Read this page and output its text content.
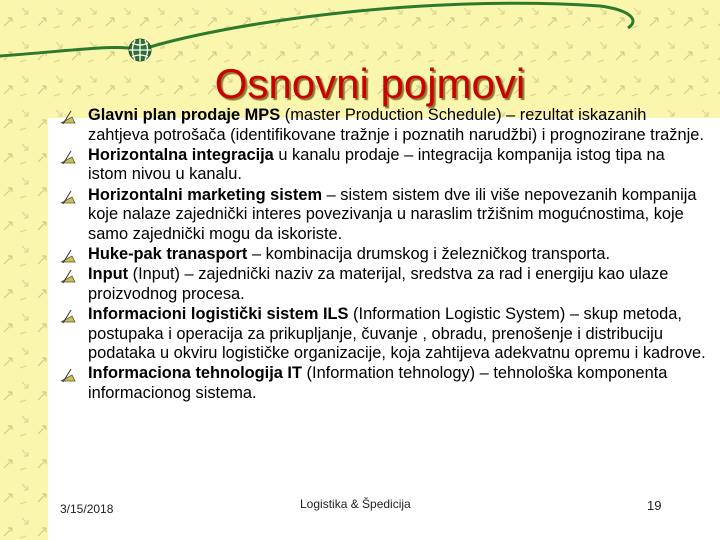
Osnovni pojmovi
Glavni plan prodaje MPS (master Production Schedule) – rezultat iskazanih zahtjeva potrošača (identifikovane tražnje i poznatih narudžbi) i prognozirane tražnje.
Horizontalna integracija u kanalu prodaje – integracija kompanija istog tipa na istom nivou u kanalu.
Horizontalni marketing sistem – sistem sistem dve ili više nepovezanih kompanija koje nalaze zajednički interes povezivanja u naraslim tržišnim mogućnostima, koje samo zajednički mogu da iskoriste.
Huke-pak tranasport – kombinacija drumskog i železničkog transporta.
Input (Input) – zajednički naziv za materijal, sredstva za rad i energiju kao ulaze proizvodnog procesa.
Informacioni logistički sistem ILS (Information Logistic System) – skup metoda, postupaka i operacija za prikupljanje, čuvanje , obradu, prenošenje i distribuciju podataka u okviru logističke organizacije, koja zahtijeva adekvatnu opremu i kadrove.
Informaciona tehnologija IT (Information tehnology) – tehnološka komponenta informacionog sistema.
3/15/2018	Logistika & Špedicija	19
